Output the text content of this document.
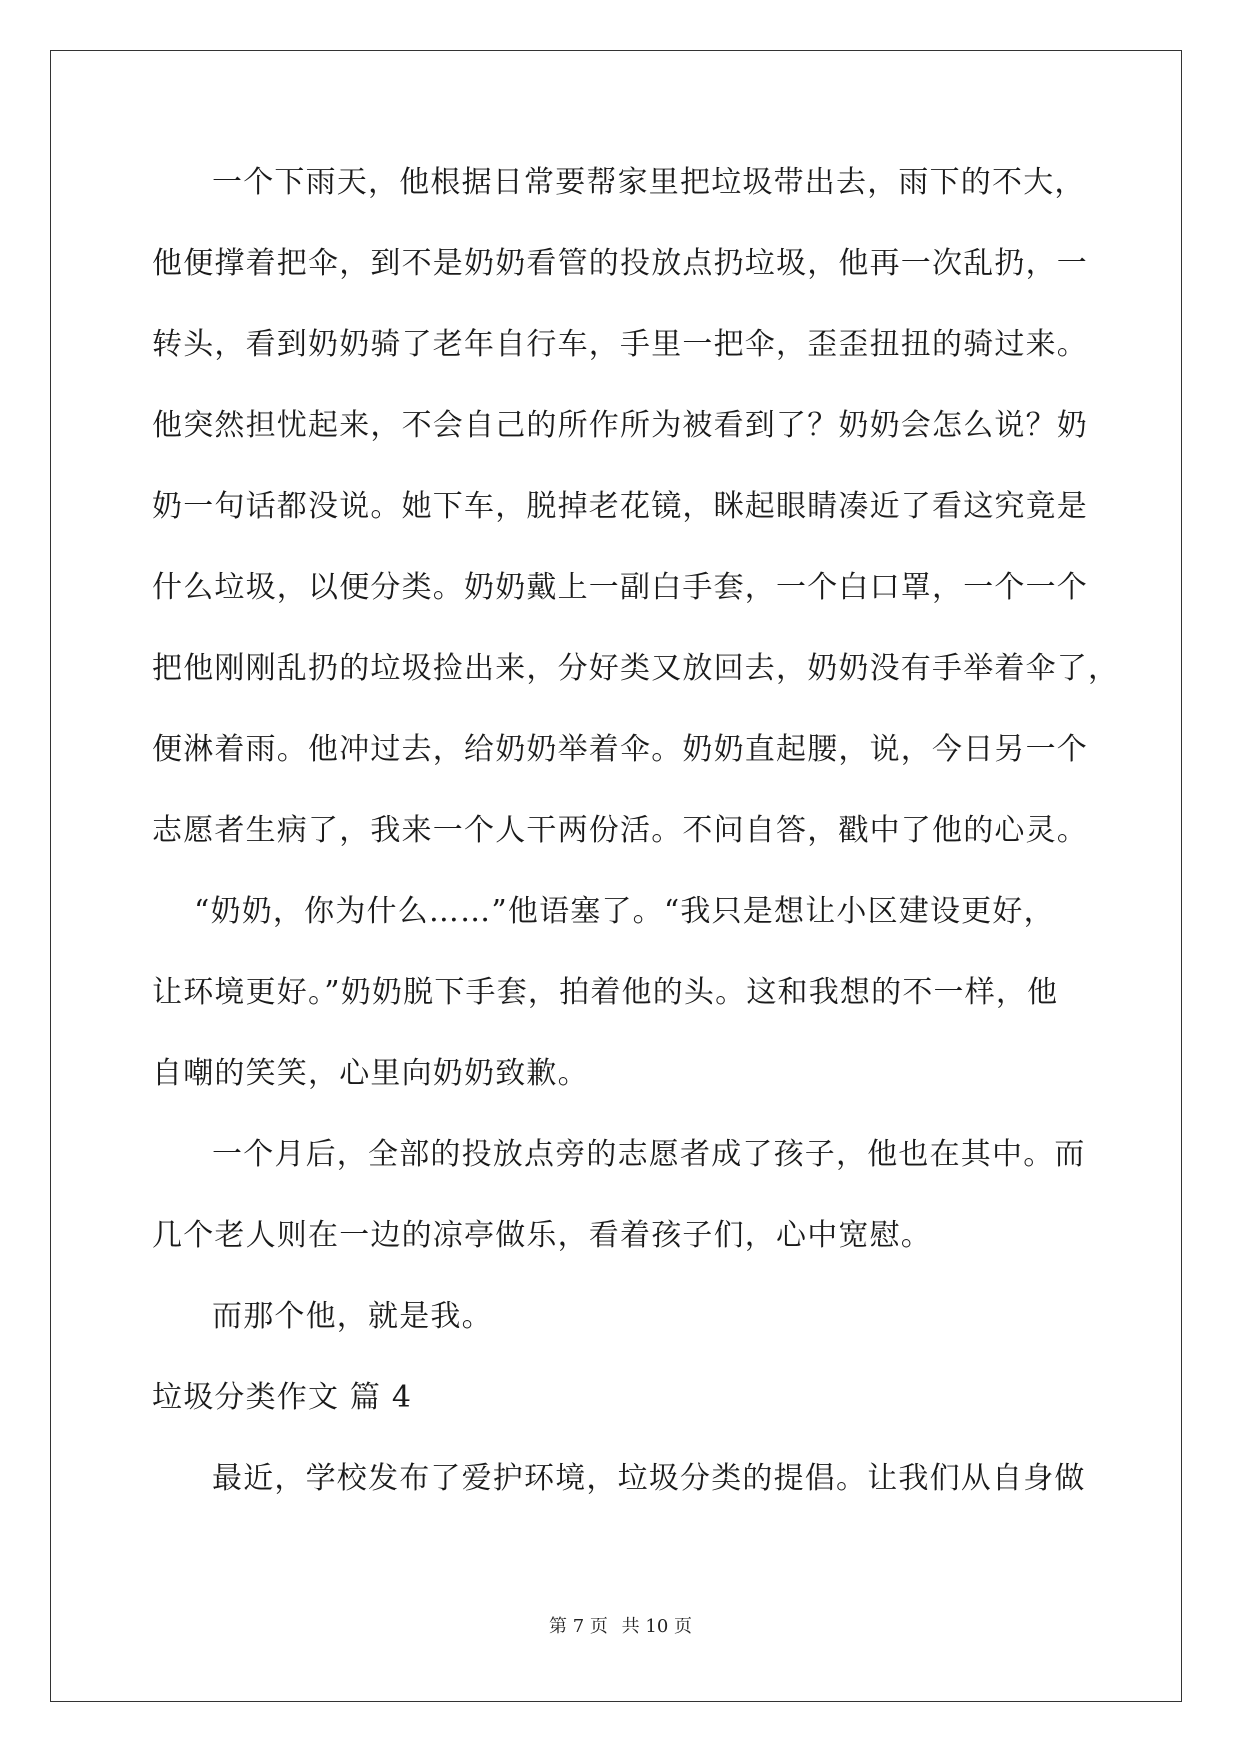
一个下雨天，他根据日常要帮家里把垃圾带出去，雨下的不大，
他便撑着把伞，到不是奶奶看管的投放点扔垃圾，他再一次乱扔，一
转头，看到奶奶骑了老年自行车，手里一把伞，歪歪扭扭的骑过来。
他突然担忧起来，不会自己的所作所为被看到了？奶奶会怎么说？奶
奶一句话都没说。她下车，脱掉老花镜，眯起眼睛凑近了看这究竟是
什么垃圾，以便分类。奶奶戴上一副白手套，一个白口罩，一个一个
把他刚刚乱扔的垃圾捡出来，分好类又放回去，奶奶没有手举着伞了，
便淋着雨。他冲过去，给奶奶举着伞。奶奶直起腰，说，今日另一个
志愿者生病了，我来一个人干两份活。不问自答，戳中了他的心灵。
“奶奶，你为什么……”他语塞了。“我只是想让小区建设更好，
让环境更好。”奶奶脱下手套，拍着他的头。这和我想的不一样，他
自嘲的笑笑，心里向奶奶致歉。
一个月后，全部的投放点旁的志愿者成了孩子，他也在其中。而
几个老人则在一边的凉亭做乐，看着孩子们，心中宽慰。
而那个他，就是我。
垃圾分类作文 篇 4
最近，学校发布了爱护环境，垃圾分类的提倡。让我们从自身做
第 7 页 共 10 页
